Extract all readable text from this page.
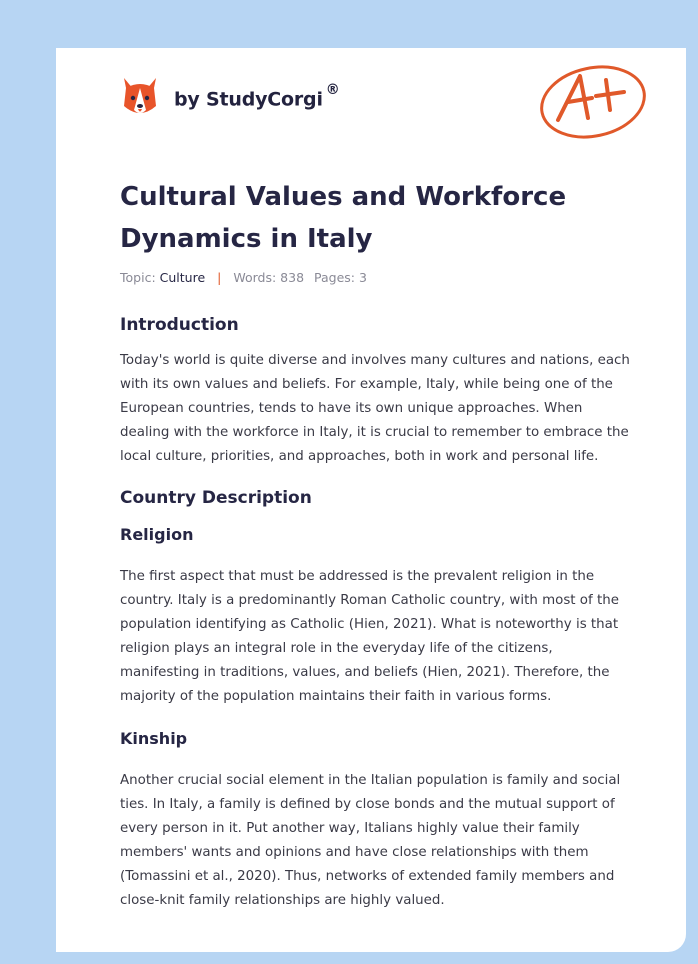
by StudyCorgi ®
Cultural Values and Workforce Dynamics in Italy
Topic: Culture | Words: 838 Pages: 3
Introduction

Today's world is quite diverse and involves many cultures and nations, each with its own values and beliefs. For example, Italy, while being one of the European countries, tends to have its own unique approaches. When dealing with the workforce in Italy, it is crucial to remember to embrace the local culture, priorities, and approaches, both in work and personal life.

Country Description
Religion

The first aspect that must be addressed is the prevalent religion in the country. Italy is a predominantly Roman Catholic country, with most of the population identifying as Catholic (Hien, 2021). What is noteworthy is that religion plays an integral role in the everyday life of the citizens, manifesting in traditions, values, and beliefs (Hien, 2021). Therefore, the majority of the population maintains their faith in various forms.

Kinship

Another crucial social element in the Italian population is family and social ties. In Italy, a family is defined by close bonds and the mutual support of every person in it. Put another way, Italians highly value their family members' wants and opinions and have close relationships with them (Tomassini et al., 2020). Thus, networks of extended family members and close-knit family relationships are highly valued.
